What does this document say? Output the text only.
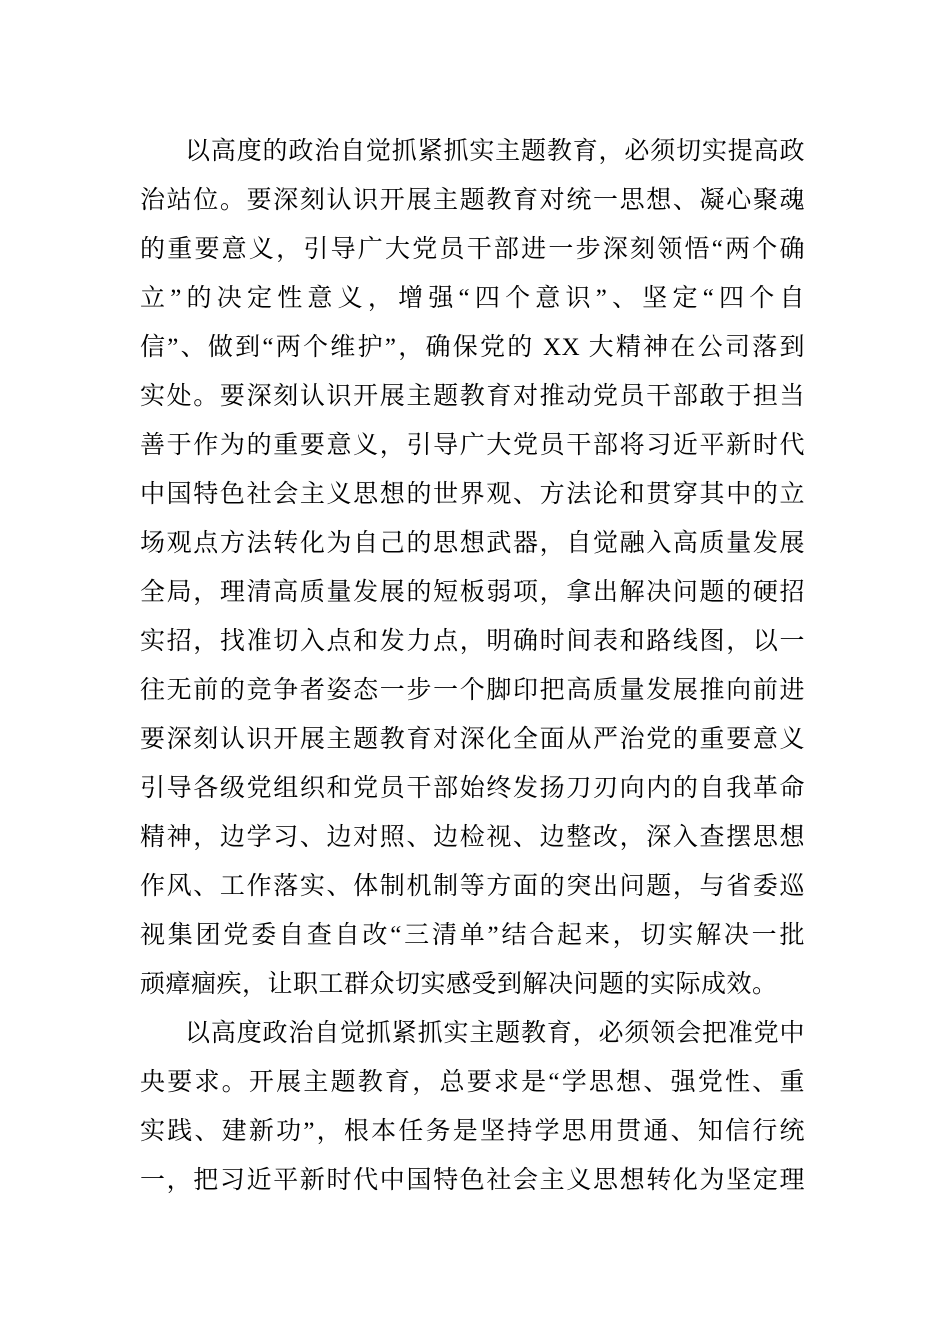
以高度的政治自觉抓紧抓实主题教育，必须切实提高政
治站位。要深刻认识开展主题教育对统一思想、凝心聚魂
的重要意义，引导广大党员干部进一步深刻领悟“两个确
立”的决定性意义，增强“四个意识”、坚定“四个自
信”、做到“两个维护”，确保党的 XX 大精神在公司落到
实处。要深刻认识开展主题教育对推动党员干部敢于担当
善于作为的重要意义，引导广大党员干部将习近平新时代
中国特色社会主义思想的世界观、方法论和贯穿其中的立
场观点方法转化为自己的思想武器，自觉融入高质量发展
全局，理清高质量发展的短板弱项，拿出解决问题的硬招
实招，找准切入点和发力点，明确时间表和路线图，以一
往无前的竞争者姿态一步一个脚印把高质量发展推向前进
要深刻认识开展主题教育对深化全面从严治党的重要意义
引导各级党组织和党员干部始终发扬刀刃向内的自我革命
精神，边学习、边对照、边检视、边整改，深入查摆思想
作风、工作落实、体制机制等方面的突出问题，与省委巡
视集团党委自查自改“三清单”结合起来，切实解决一批
顽瘴痼疾，让职工群众切实感受到解决问题的实际成效。
以高度政治自觉抓紧抓实主题教育，必须领会把准党中
央要求。开展主题教育，总要求是“学思想、强党性、重
实践、建新功”，根本任务是坚持学思用贯通、知信行统
一，把习近平新时代中国特色社会主义思想转化为坚定理
